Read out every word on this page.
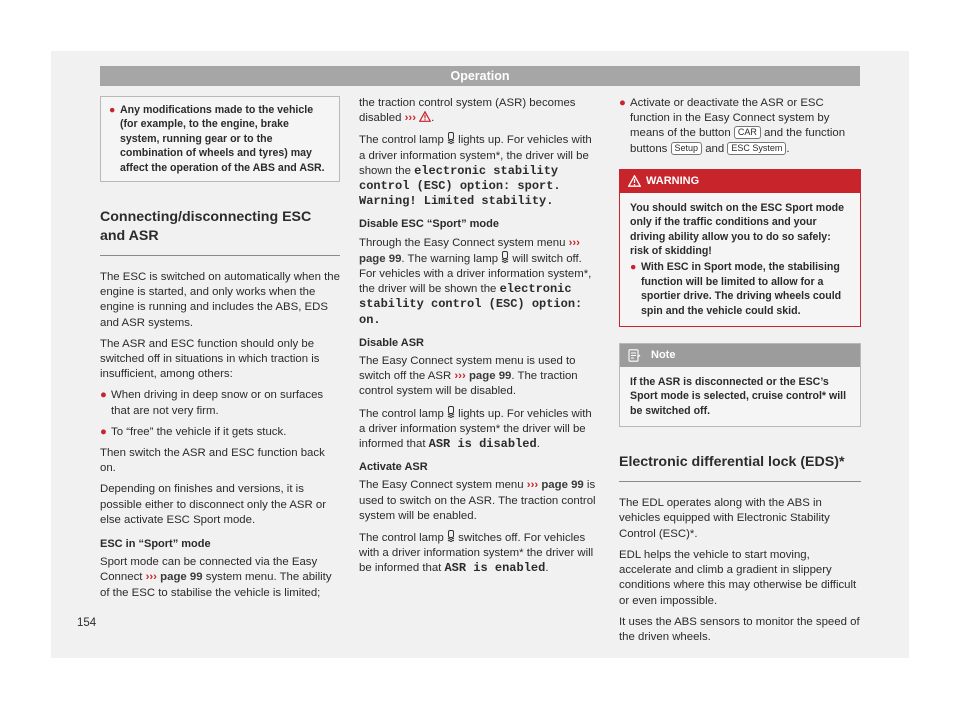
Operation
● Any modifications made to the vehicle (for example, to the engine, brake system, running gear or to the combination of wheels and tyres) may affect the operation of the ABS and ASR.
Connecting/disconnecting ESC and ASR

The ESC is switched on automatically when the engine is started, and only works when the engine is running and includes the ABS, EDS and ASR systems.

The ASR and ESC function should only be switched off in situations in which traction is insufficient, among others:

● When driving in deep snow or on surfaces that are not very firm.
● To “free” the vehicle if it gets stuck.

Then switch the ASR and ESC function back on.

Depending on finishes and versions, it is possible either to disconnect only the ASR or else activate ESC Sport mode.

ESC in “Sport” mode

Sport mode can be connected via the Easy Connect ››› page 99 system menu. The ability of the ESC to stabilise the vehicle is limited;

the traction control system (ASR) becomes disabled ››› .

The control lamp  lights up. For vehicles with a driver information system*, the driver will be shown the electronic stability control (ESC) option: sport. Warning! Limited stability.

Disable ESC “Sport” mode

Through the Easy Connect system menu ››› page 99. The warning lamp  will switch off. For vehicles with a driver information system*, the driver will be shown the electronic stability control (ESC) option: on.

Disable ASR

The Easy Connect system menu is used to switch off the ASR ››› page 99. The traction control system will be disabled.

The control lamp  lights up. For vehicles with a driver information system* the driver will be informed that ASR is disabled.

Activate ASR

The Easy Connect system menu ››› page 99 is used to switch on the ASR. The traction control system will be enabled.

The control lamp  switches off. For vehicles with a driver information system* the driver will be informed that ASR is enabled.

● Activate or deactivate the ASR or ESC function in the Easy Connect system by means of the button CAR and the function buttons Setup and ESC System .
WARNING

You should switch on the ESC Sport mode only if the traffic conditions and your driving ability allow you to do so safely: risk of skidding!

● With ESC in Sport mode, the stabilising function will be limited to allow for a sportier drive. The driving wheels could spin and the vehicle could skid.
Note

If the ASR is disconnected or the ESC’s Sport mode is selected, cruise control* will be switched off.

Electronic differential lock (EDS)*

The EDL operates along with the ABS in vehicles equipped with Electronic Stability Control (ESC)*.

EDL helps the vehicle to start moving, accelerate and climb a gradient in slippery conditions where this may otherwise be difficult or even impossible.

It uses the ABS sensors to monitor the speed of the driven wheels.

154
